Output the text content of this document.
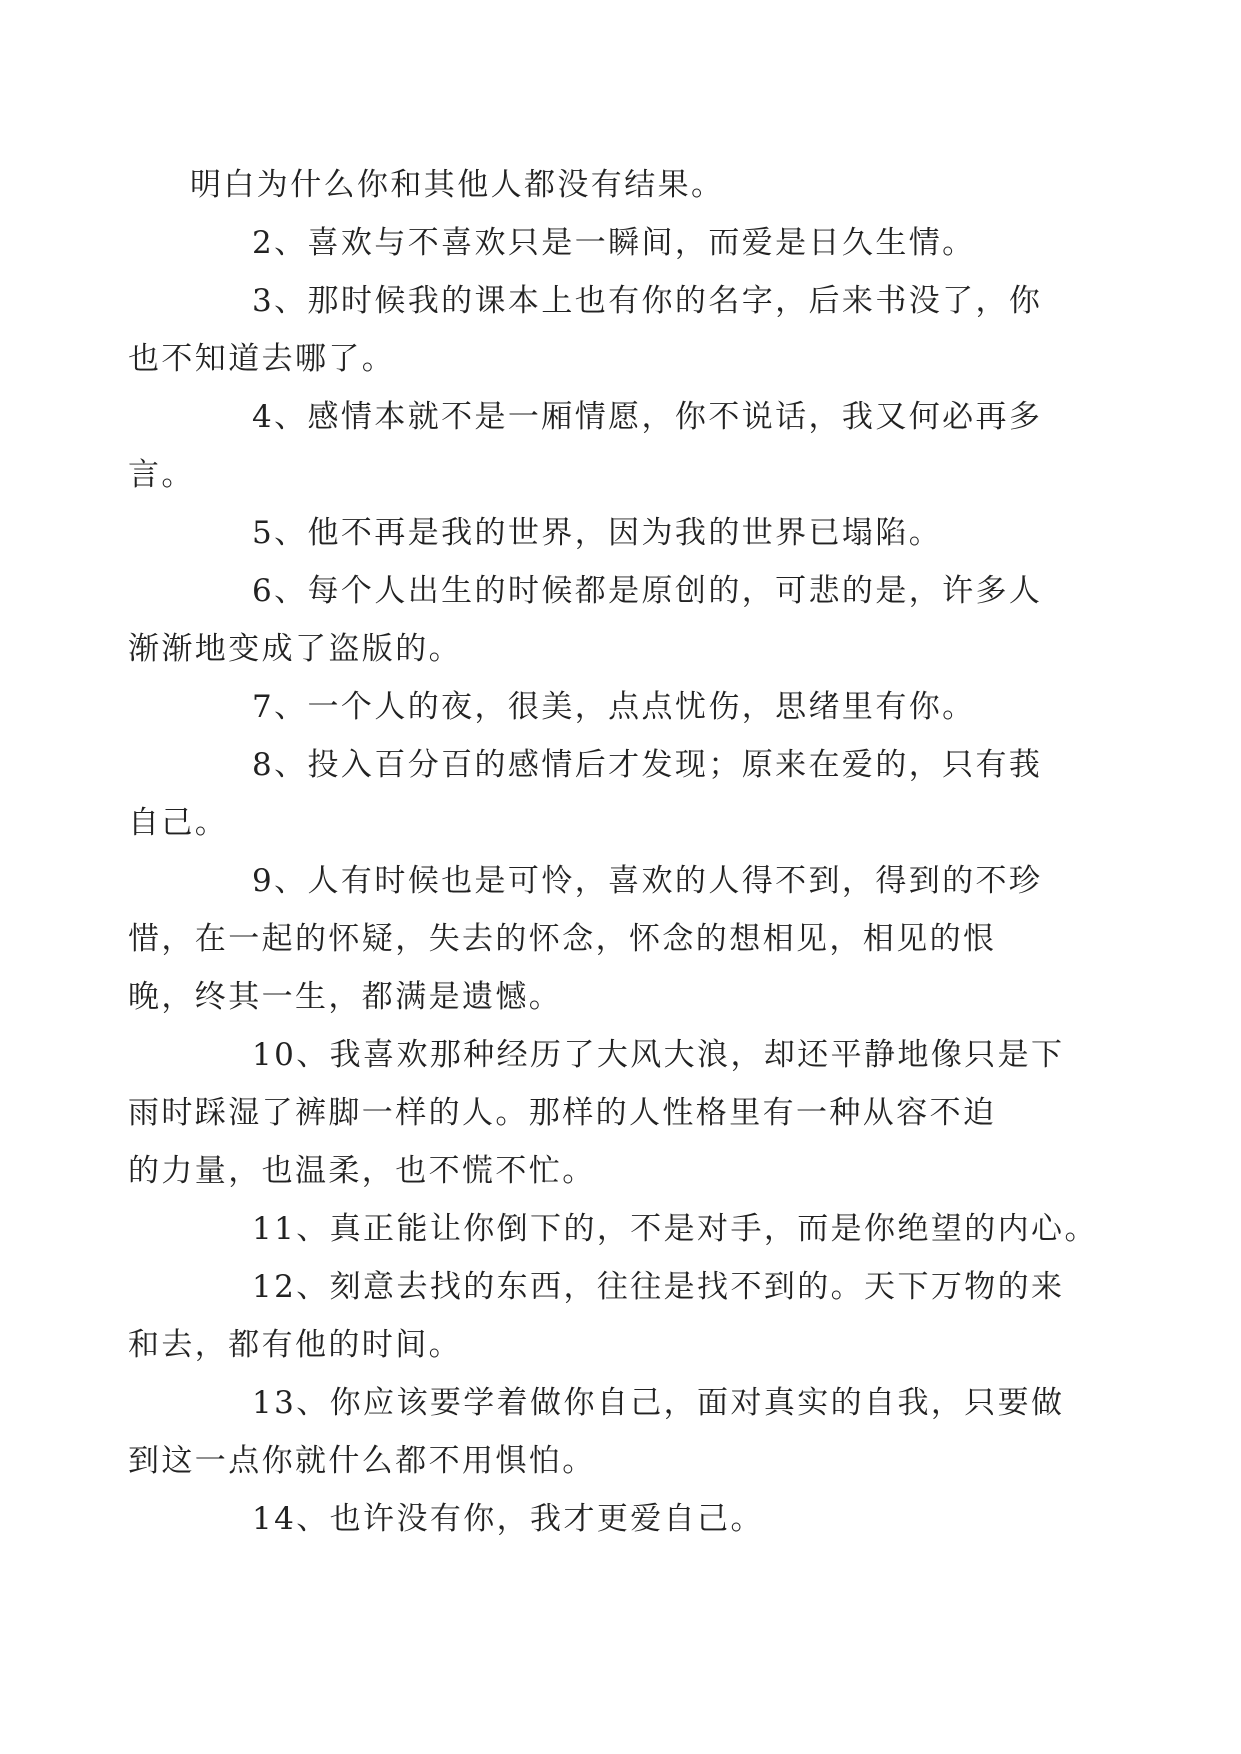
明白为什么你和其他人都没有结果。

2、喜欢与不喜欢只是一瞬间，而爱是日久生情。

3、那时候我的课本上也有你的名字，后来书没了，你
也不知道去哪了。

4、感情本就不是一厢情愿，你不说话，我又何必再多
言。

5、他不再是我的世界，因为我的世界已塌陷。

6、每个人出生的时候都是原创的，可悲的是，许多人
渐渐地变成了盗版的。

7、一个人的夜，很美，点点忧伤，思绪里有你。

8、投入百分百的感情后才发现；原来在爱的，只有莪
自己。

9、人有时候也是可怜，喜欢的人得不到，得到的不珍
惜，在一起的怀疑，失去的怀念，怀念的想相见，相见的恨
晚，终其一生，都满是遗憾。

10、我喜欢那种经历了大风大浪，却还平静地像只是下
雨时踩湿了裤脚一样的人。那样的人性格里有一种从容不迫
的力量，也温柔，也不慌不忙。

11、真正能让你倒下的，不是对手，而是你绝望的内心。

12、刻意去找的东西，往往是找不到的。天下万物的来
和去，都有他的时间。

13、你应该要学着做你自己，面对真实的自我，只要做
到这一点你就什么都不用惧怕。

14、也许没有你，我才更爱自己。
